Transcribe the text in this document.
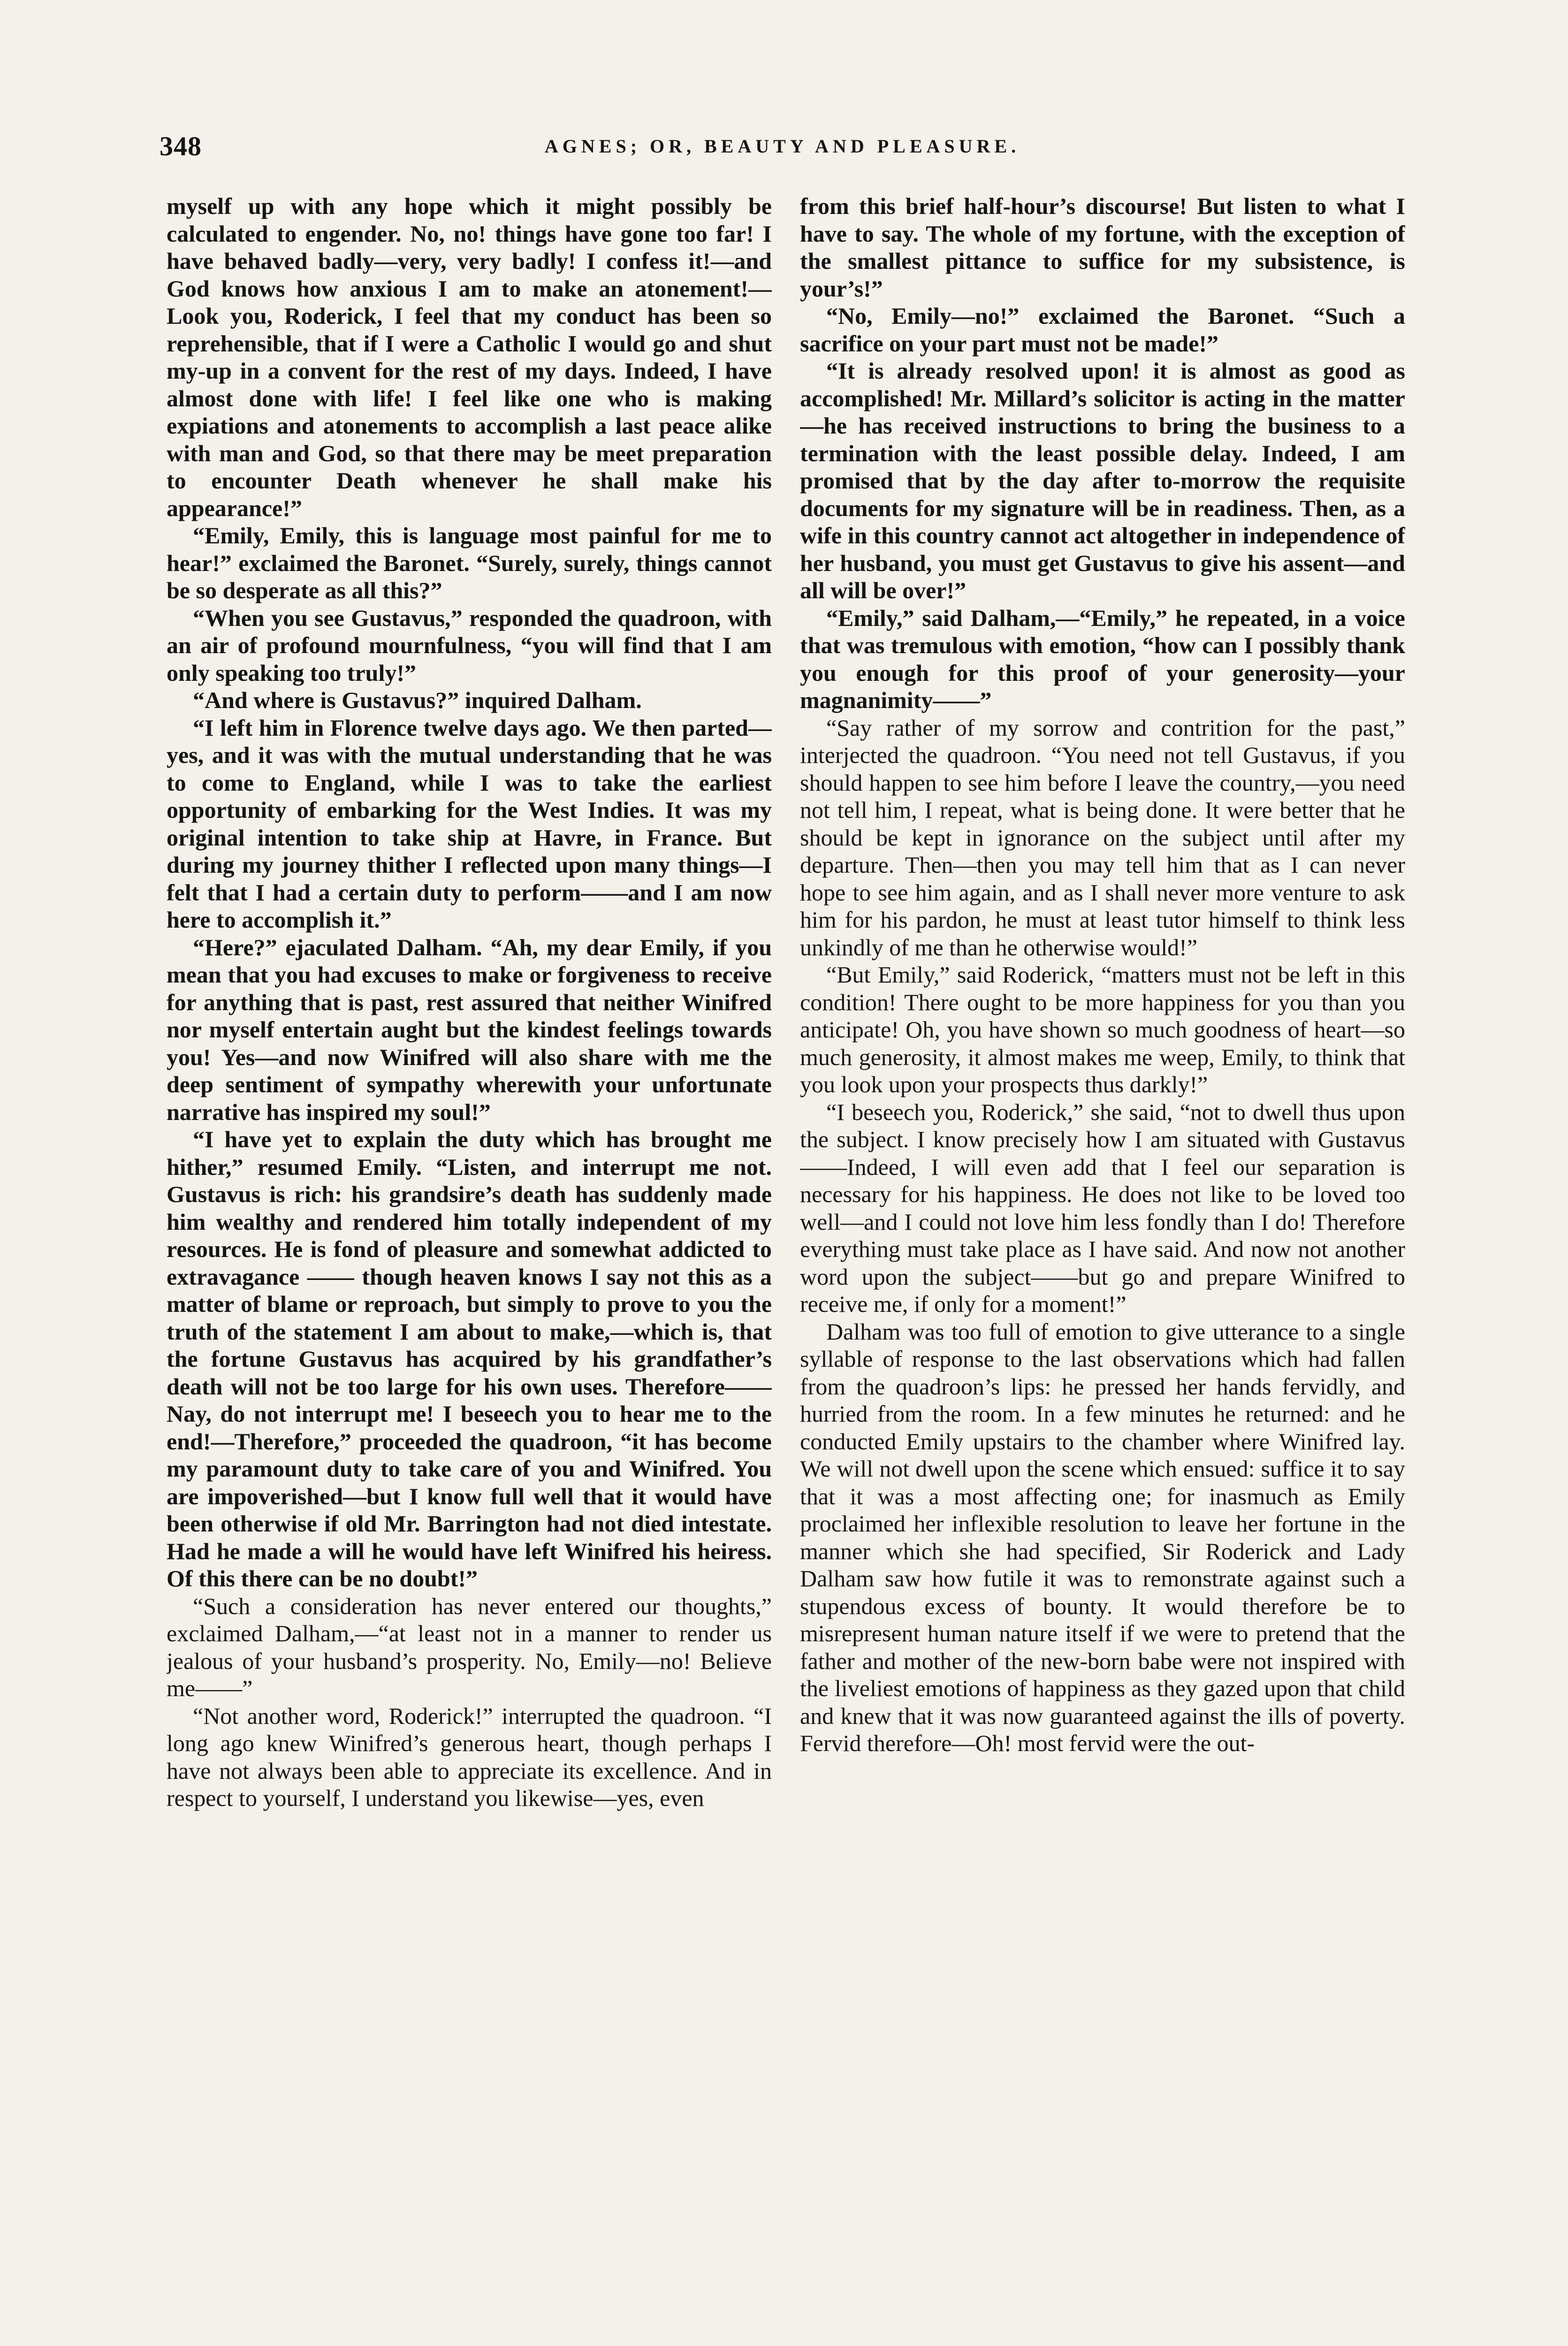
348	AGNES; OR, BEAUTY AND PLEASURE.

myself up with any hope which it might possibly be calculated to engender. No, no! things have gone too far! I have behaved badly—very, very badly! I confess it!—and God knows how anxious I am to make an atonement!—Look you, Roderick, I feel that my conduct has been so reprehensible, that if I were a Catholic I would go and shut my-up in a convent for the rest of my days. Indeed, I have almost done with life! I feel like one who is making expiations and atonements to accomplish a last peace alike with man and God, so that there may be meet preparation to encounter Death whenever he shall make his appearance!”

“Emily, Emily, this is language most painful for me to hear!” exclaimed the Baronet. “Surely, surely, things cannot be so desperate as all this?”

“When you see Gustavus,” responded the quadroon, with an air of profound mournfulness, “you will find that I am only speaking too truly!”

“And where is Gustavus?” inquired Dalham.

“I left him in Florence twelve days ago. We then parted—yes, and it was with the mutual understanding that he was to come to England, while I was to take the earliest opportunity of embarking for the West Indies. It was my original intention to take ship at Havre, in France. But during my journey thither I reflected upon many things—I felt that I had a certain duty to perform——and I am now here to accomplish it.”

“Here?” ejaculated Dalham. “Ah, my dear Emily, if you mean that you had excuses to make or forgiveness to receive for anything that is past, rest assured that neither Winifred nor myself entertain aught but the kindest feelings towards you! Yes—and now Winifred will also share with me the deep sentiment of sympathy wherewith your unfortunate narrative has inspired my soul!”

“I have yet to explain the duty which has brought me hither,” resumed Emily. “Listen, and interrupt me not. Gustavus is rich: his grandsire’s death has suddenly made him wealthy and rendered him totally independent of my resources. He is fond of pleasure and somewhat addicted to extravagance —— though heaven knows I say not this as a matter of blame or reproach, but simply to prove to you the truth of the statement I am about to make,—which is, that the fortune Gustavus has acquired by his grandfather’s death will not be too large for his own uses. Therefore——Nay, do not interrupt me! I beseech you to hear me to the end!—Therefore,” proceeded the quadroon, “it has become my paramount duty to take care of you and Winifred. You are impoverished—but I know full well that it would have been otherwise if old Mr. Barrington had not died intestate. Had he made a will he would have left Winifred his heiress. Of this there can be no doubt!”

“Such a consideration has never entered our thoughts,” exclaimed Dalham,—“at least not in a manner to render us jealous of your husband’s prosperity. No, Emily—no! Believe me——”

“Not another word, Roderick!” interrupted the quadroon. “I long ago knew Winifred’s generous heart, though perhaps I have not always been able to appreciate its excellence. And in respect to yourself, I understand you likewise—yes, even

from this brief half-hour’s discourse! But listen to what I have to say. The whole of my fortune, with the exception of the smallest pittance to suffice for my subsistence, is your’s!”

“No, Emily—no!” exclaimed the Baronet. “Such a sacrifice on your part must not be made!”

“It is already resolved upon! it is almost as good as accomplished! Mr. Millard’s solicitor is acting in the matter—he has received instructions to bring the business to a termination with the least possible delay. Indeed, I am promised that by the day after to-morrow the requisite documents for my signature will be in readiness. Then, as a wife in this country cannot act altogether in independence of her husband, you must get Gustavus to give his assent—and all will be over!”

“Emily,” said Dalham,—“Emily,” he repeated, in a voice that was tremulous with emotion, “how can I possibly thank you enough for this proof of your generosity—your magnanimity——”

“Say rather of my sorrow and contrition for the past,” interjected the quadroon. “You need not tell Gustavus, if you should happen to see him before I leave the country,—you need not tell him, I repeat, what is being done. It were better that he should be kept in ignorance on the subject until after my departure. Then—then you may tell him that as I can never hope to see him again, and as I shall never more venture to ask him for his pardon, he must at least tutor himself to think less unkindly of me than he otherwise would!”

“But Emily,” said Roderick, “matters must not be left in this condition! There ought to be more happiness for you than you anticipate! Oh, you have shown so much goodness of heart—so much generosity, it almost makes me weep, Emily, to think that you look upon your prospects thus darkly!”

“I beseech you, Roderick,” she said, “not to dwell thus upon the subject. I know precisely how I am situated with Gustavus——Indeed, I will even add that I feel our separation is necessary for his happiness. He does not like to be loved too well—and I could not love him less fondly than I do! Therefore everything must take place as I have said. And now not another word upon the subject——but go and prepare Winifred to receive me, if only for a moment!”

Dalham was too full of emotion to give utterance to a single syllable of response to the last observations which had fallen from the quadroon’s lips: he pressed her hands fervidly, and hurried from the room. In a few minutes he returned: and he conducted Emily upstairs to the chamber where Winifred lay. We will not dwell upon the scene which ensued: suffice it to say that it was a most affecting one; for inasmuch as Emily proclaimed her inflexible resolution to leave her fortune in the manner which she had specified, Sir Roderick and Lady Dalham saw how futile it was to remonstrate against such a stupendous excess of bounty. It would therefore be to misrepresent human nature itself if we were to pretend that the father and mother of the new-born babe were not inspired with the liveliest emotions of happiness as they gazed upon that child and knew that it was now guaranteed against the ills of poverty. Fervid therefore—Oh! most fervid were the out-
